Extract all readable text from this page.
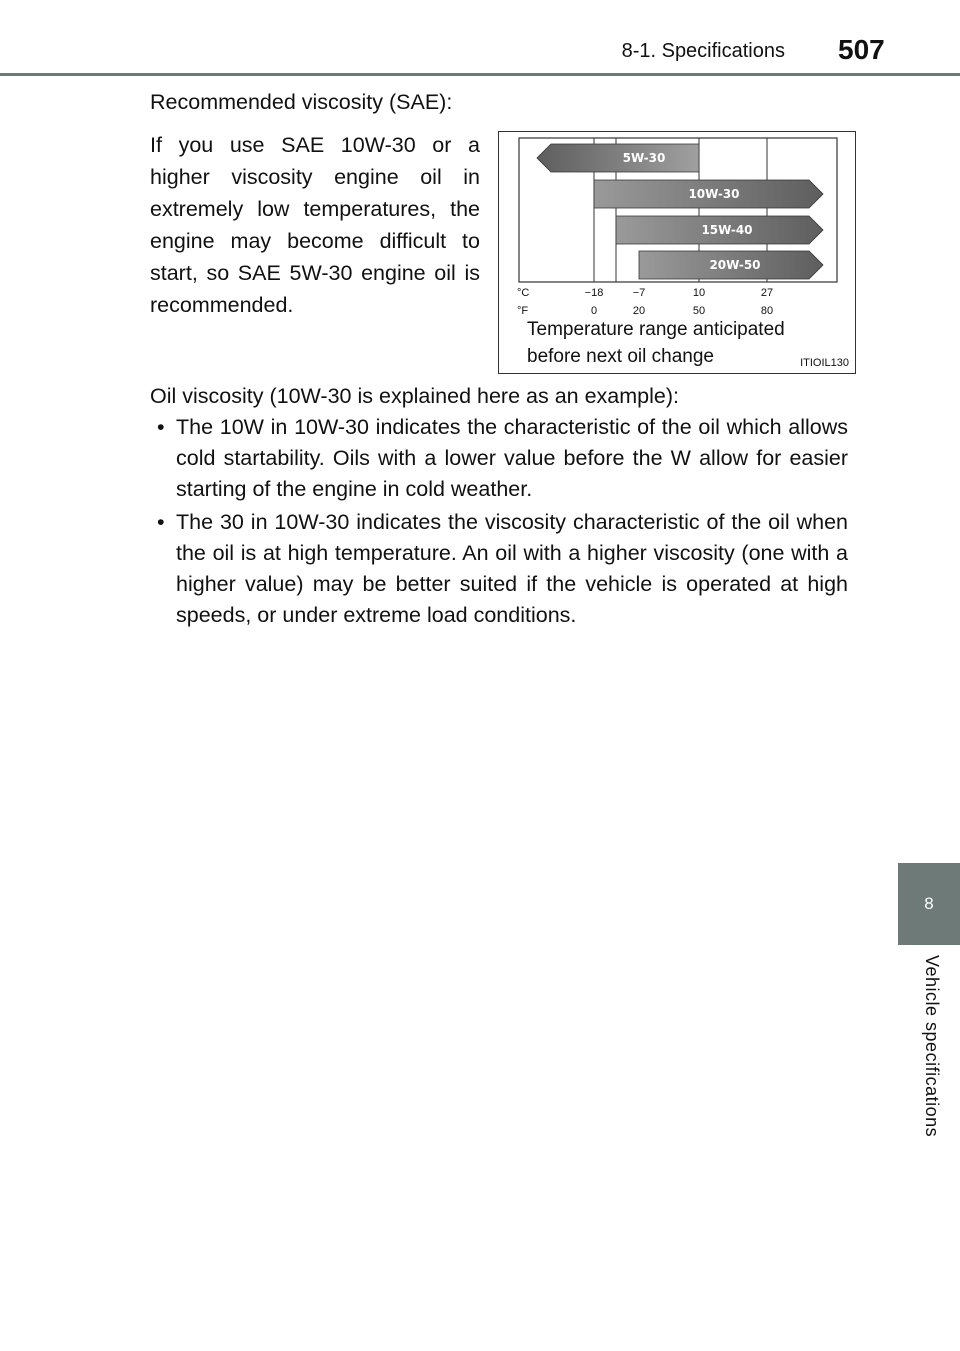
8-1. Specifications 507
8
Vehicle specifications
Recommended viscosity (SAE):
If you use SAE 10W-30 or a higher viscosity engine oil in extremely low temperatures, the engine may become difficult to start, so SAE 5W-30 engine oil is recommended.
5W-30
10W-30
15W-40
20W-50
°C	−18	−7	10	27
°F	0	20	50	80
Temperature range anticipated
before next oil change	ITIOIL130
Oil viscosity (10W-30 is explained here as an example):
• The 10W in 10W-30 indicates the characteristic of the oil which allows cold startability. Oils with a lower value before the W allow for easier starting of the engine in cold weather.
• The 30 in 10W-30 indicates the viscosity characteristic of the oil when the oil is at high temperature. An oil with a higher viscosity (one with a higher value) may be better suited if the vehicle is operated at high speeds, or under extreme load conditions.
